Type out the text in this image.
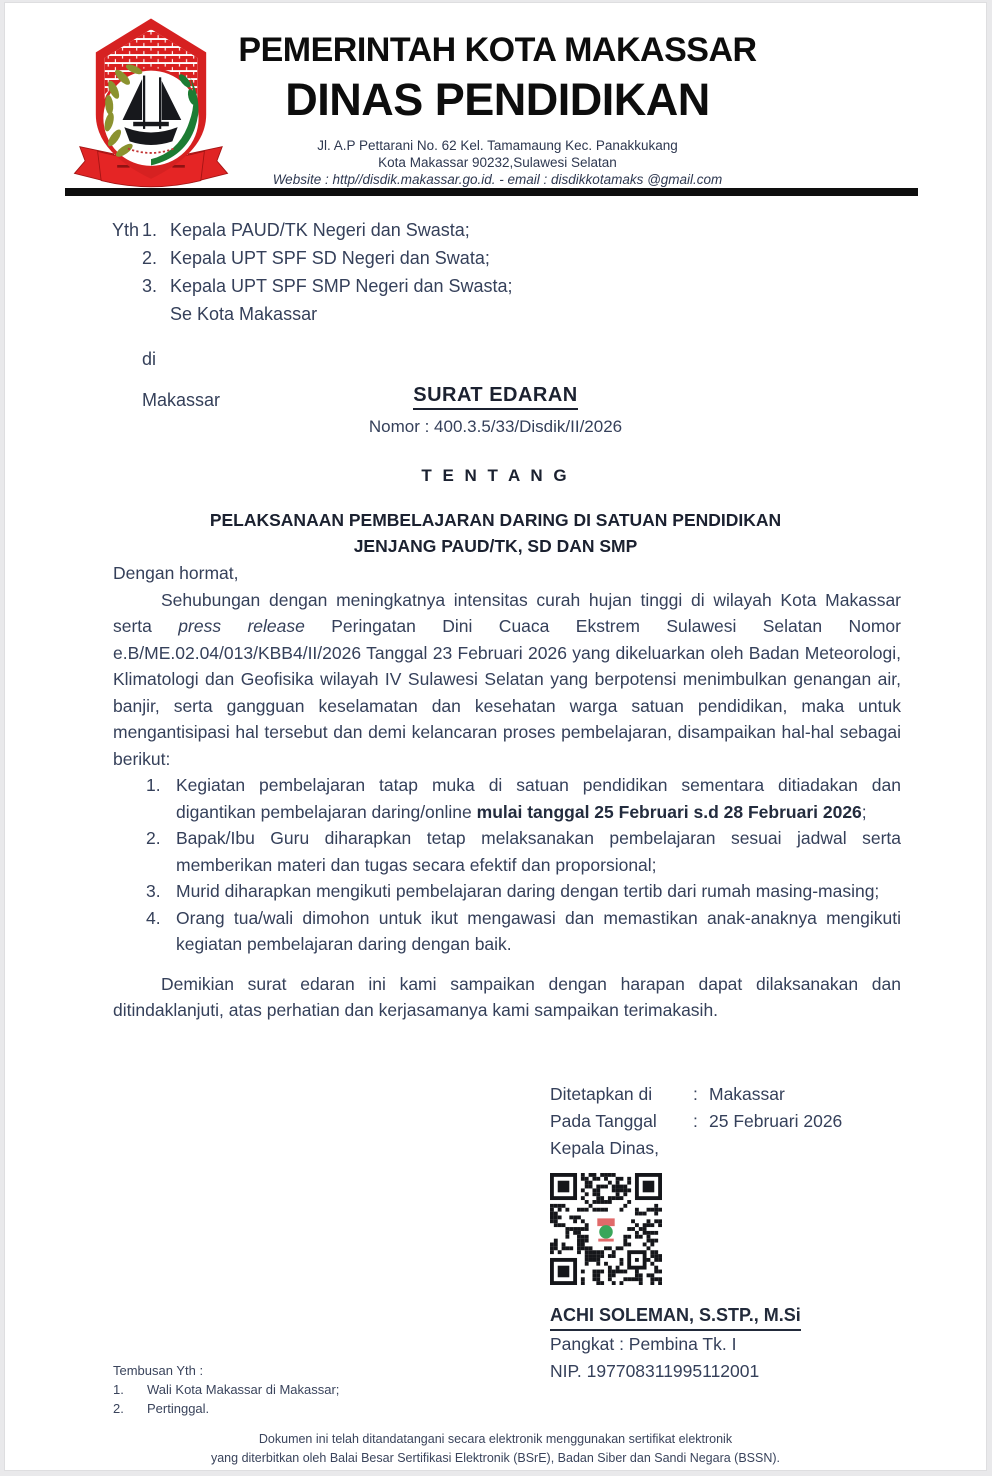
PEMERINTAH KOTA MAKASSAR
DINAS PENDIDIKAN
Jl. A.P Pettarani No. 62 Kel. Tamamaung Kec. Panakkukang
Kota Makassar 90232,Sulawesi Selatan
Website : http//disdik.makassar.go.id. - email : disdikkotamaks @gmail.com
Yth 1. Kepala PAUD/TK Negeri dan Swasta;
2. Kepala UPT SPF SD Negeri dan Swata;
3. Kepala UPT SPF SMP Negeri dan Swasta;
Se Kota Makassar
di
Makassar	SURAT EDARAN
Nomor : 400.3.5/33/Disdik/II/2026
T E N T A N G
PELAKSANAAN PEMBELAJARAN DARING DI SATUAN PENDIDIKAN
JENJANG PAUD/TK, SD DAN SMP
Dengan hormat,

Sehubungan dengan meningkatnya intensitas curah hujan tinggi di wilayah Kota Makassar serta press release Peringatan Dini Cuaca Ekstrem Sulawesi Selatan Nomor e.B/ME.02.04/013/KBB4/II/2026 Tanggal 23 Februari 2026 yang dikeluarkan oleh Badan Meteorologi, Klimatologi dan Geofisika wilayah IV Sulawesi Selatan yang berpotensi menimbulkan genangan air, banjir, serta gangguan keselamatan dan kesehatan warga satuan pendidikan, maka untuk mengantisipasi hal tersebut dan demi kelancaran proses pembelajaran, disampaikan hal-hal sebagai berikut:

1. Kegiatan pembelajaran tatap muka di satuan pendidikan sementara ditiadakan dan digantikan pembelajaran daring/online mulai tanggal 25 Februari s.d 28 Februari 2026;
2. Bapak/Ibu Guru diharapkan tetap melaksanakan pembelajaran sesuai jadwal serta memberikan materi dan tugas secara efektif dan proporsional;
3. Murid diharapkan mengikuti pembelajaran daring dengan tertib dari rumah masing-masing;
4. Orang tua/wali dimohon untuk ikut mengawasi dan memastikan anak-anaknya mengikuti kegiatan pembelajaran daring dengan baik.

Demikian surat edaran ini kami sampaikan dengan harapan dapat dilaksanakan dan ditindaklanjuti, atas perhatian dan kerjasamanya kami sampaikan terimakasih.

Ditetapkan di	: Makassar
Pada Tanggal	: 25 Februari 2026
Kepala Dinas,
ACHI SOLEMAN, S.STP., M.Si
Pangkat : Pembina Tk. I
NIP. 197708311995112001
Tembusan Yth :
1.	Wali Kota Makassar di Makassar;
2.	Pertinggal.
Dokumen ini telah ditandatangani secara elektronik menggunakan sertifikat elektronik
yang diterbitkan oleh Balai Besar Sertifikasi Elektronik (BSrE), Badan Siber dan Sandi Negara (BSSN).
